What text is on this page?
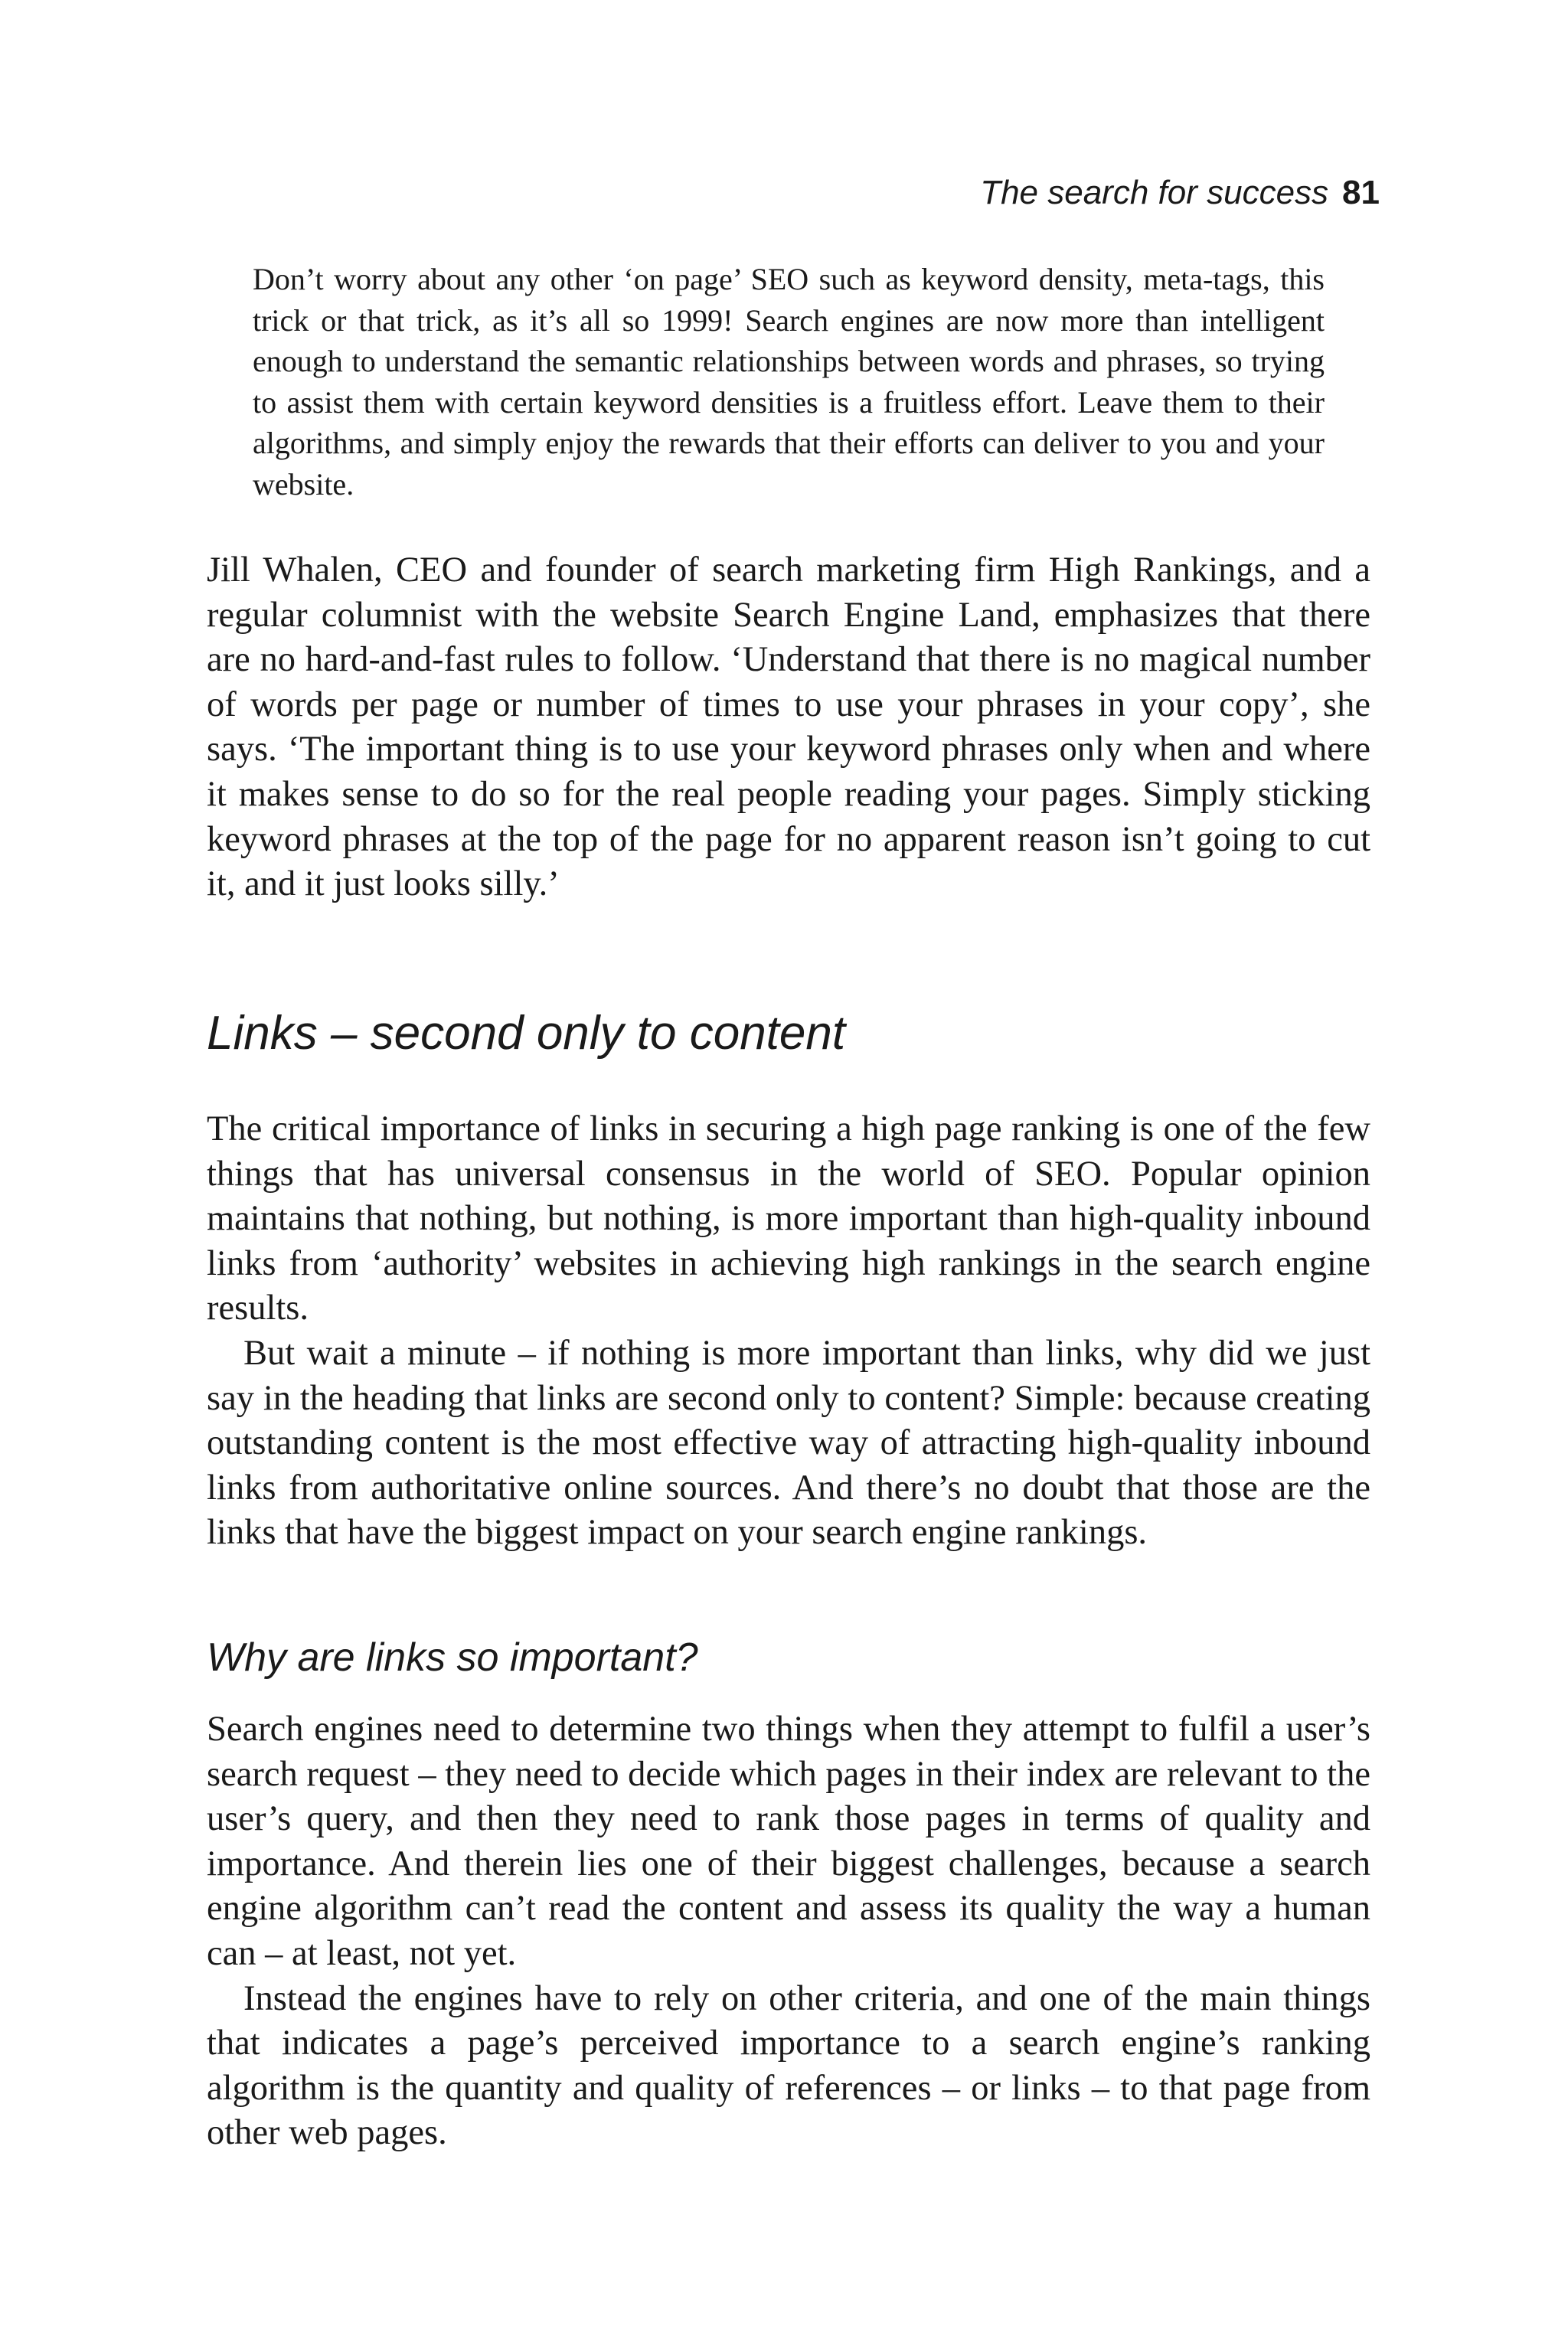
The search for success 81

Don’t worry about any other ‘on page’ SEO such as keyword density, meta-tags, this trick or that trick, as it’s all so 1999! Search engines are now more than intelligent enough to understand the semantic relationships between words and phrases, so trying to assist them with certain keyword densities is a fruitless effort. Leave them to their algorithms, and simply enjoy the rewards that their efforts can deliver to you and your website.

Jill Whalen, CEO and founder of search marketing firm High Rankings, and a regular columnist with the website Search Engine Land, emphasizes that there are no hard-and-fast rules to follow. ‘Understand that there is no magical number of words per page or number of times to use your phrases in your copy’, she says. ‘The important thing is to use your keyword phrases only when and where it makes sense to do so for the real people reading your pages. Simply sticking keyword phrases at the top of the page for no apparent reason isn’t going to cut it, and it just looks silly.’

Links – second only to content

The critical importance of links in securing a high page ranking is one of the few things that has universal consensus in the world of SEO. Popular opinion maintains that nothing, but nothing, is more important than high-quality inbound links from ‘authority’ websites in achieving high rankings in the search engine results.

But wait a minute – if nothing is more important than links, why did we just say in the heading that links are second only to content? Simple: because creating outstanding content is the most effective way of attracting high-quality inbound links from authoritative online sources. And there’s no doubt that those are the links that have the biggest impact on your search engine rankings.

Why are links so important?

Search engines need to determine two things when they attempt to fulfil a user’s search request – they need to decide which pages in their index are relevant to the user’s query, and then they need to rank those pages in terms of quality and importance. And therein lies one of their biggest challenges, because a search engine algorithm can’t read the content and assess its quality the way a human can – at least, not yet.

Instead the engines have to rely on other criteria, and one of the main things that indicates a page’s perceived importance to a search engine’s ranking algorithm is the quantity and quality of references – or links – to that page from other web pages.
